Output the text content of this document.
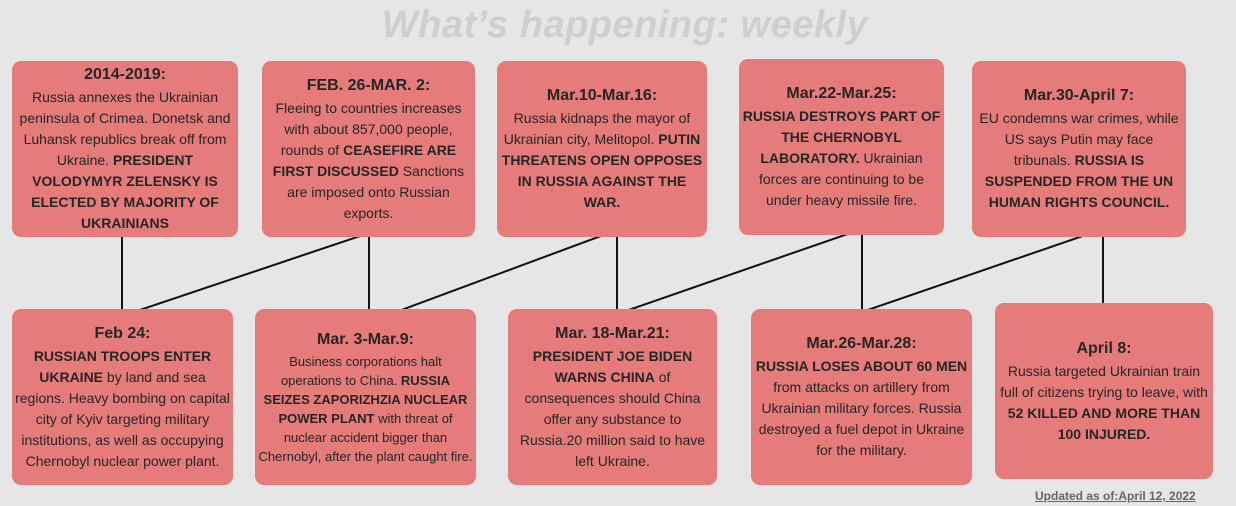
What’s happening: weekly
2014-2019:
Russia annexes the Ukrainian peninsula of Crimea. Donetsk and Luhansk republics break off from Ukraine. PRESIDENT VOLODYMYR ZELENSKY IS ELECTED BY MAJORITY OF UKRAINIANS
FEB. 26-MAR. 2:
Fleeing to countries increases with about 857,000 people, rounds of CEASEFIRE ARE FIRST DISCUSSED Sanctions are imposed onto Russian exports.
Mar.10-Mar.16:
Russia kidnaps the mayor of Ukrainian city, Melitopol. PUTIN THREATENS OPEN OPPOSES IN RUSSIA AGAINST THE WAR.
Mar.22-Mar.25:
RUSSIA DESTROYS PART OF THE CHERNOBYL LABORATORY. Ukrainian forces are continuing to be under heavy missile fire.
Mar.30-April 7:
EU condemns war crimes, while US says Putin may face tribunals. RUSSIA IS SUSPENDED FROM THE UN HUMAN RIGHTS COUNCIL.
Feb 24:
RUSSIAN TROOPS ENTER UKRAINE by land and sea regions. Heavy bombing on capital city of Kyiv targeting military institutions, as well as occupying Chernobyl nuclear power plant.
Mar. 3-Mar.9:
Business corporations halt operations to China. RUSSIA SEIZES ZAPORIZHZIA NUCLEAR POWER PLANT with threat of nuclear accident bigger than Chernobyl, after the plant caught fire.
Mar. 18-Mar.21:
PRESIDENT JOE BIDEN WARNS CHINA of consequences should China offer any substance to Russia.20 million said to have left Ukraine.
Mar.26-Mar.28:
RUSSIA LOSES ABOUT 60 MEN from attacks on artillery from Ukrainian military forces. Russia destroyed a fuel depot in Ukraine for the military.
April 8:
Russia targeted Ukrainian train full of citizens trying to leave, with 52 KILLED AND MORE THAN 100 INJURED.
Updated as of:April 12, 2022
